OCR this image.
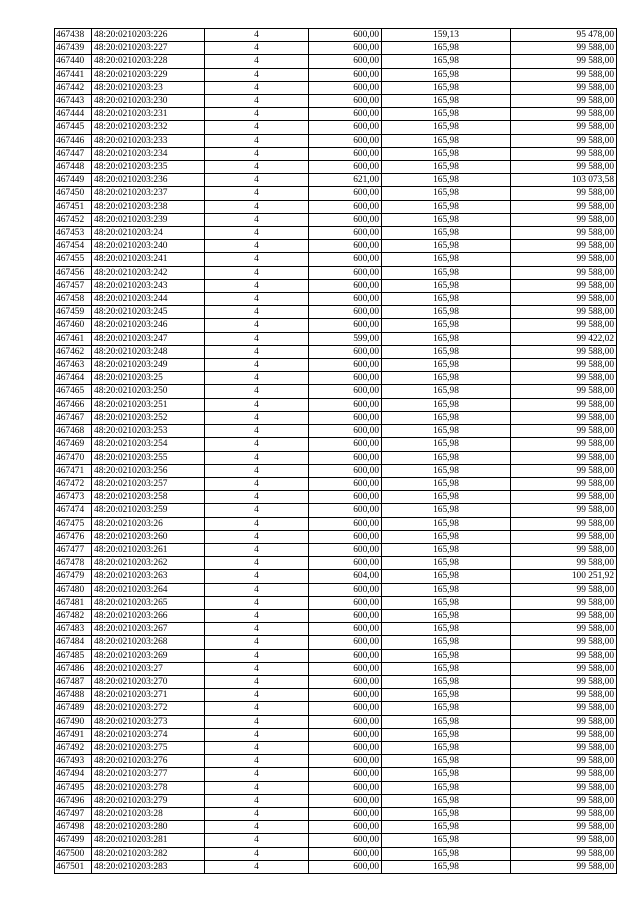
467438	48:20:0210203:226	4	600,00	159,13	95 478,00
467439	48:20:0210203:227	4	600,00	165,98	99 588,00
467440	48:20:0210203:228	4	600,00	165,98	99 588,00
467441	48:20:0210203:229	4	600,00	165,98	99 588,00
467442	48:20:0210203:23	4	600,00	165,98	99 588,00
467443	48:20:0210203:230	4	600,00	165,98	99 588,00
467444	48:20:0210203:231	4	600,00	165,98	99 588,00
467445	48:20:0210203:232	4	600,00	165,98	99 588,00
467446	48:20:0210203:233	4	600,00	165,98	99 588,00
467447	48:20:0210203:234	4	600,00	165,98	99 588,00
467448	48:20:0210203:235	4	600,00	165,98	99 588,00
467449	48:20:0210203:236	4	621,00	165,98	103 073,58
467450	48:20:0210203:237	4	600,00	165,98	99 588,00
467451	48:20:0210203:238	4	600,00	165,98	99 588,00
467452	48:20:0210203:239	4	600,00	165,98	99 588,00
467453	48:20:0210203:24	4	600,00	165,98	99 588,00
467454	48:20:0210203:240	4	600,00	165,98	99 588,00
467455	48:20:0210203:241	4	600,00	165,98	99 588,00
467456	48:20:0210203:242	4	600,00	165,98	99 588,00
467457	48:20:0210203:243	4	600,00	165,98	99 588,00
467458	48:20:0210203:244	4	600,00	165,98	99 588,00
467459	48:20:0210203:245	4	600,00	165,98	99 588,00
467460	48:20:0210203:246	4	600,00	165,98	99 588,00
467461	48:20:0210203:247	4	599,00	165,98	99 422,02
467462	48:20:0210203:248	4	600,00	165,98	99 588,00
467463	48:20:0210203:249	4	600,00	165,98	99 588,00
467464	48:20:0210203:25	4	600,00	165,98	99 588,00
467465	48:20:0210203:250	4	600,00	165,98	99 588,00
467466	48:20:0210203:251	4	600,00	165,98	99 588,00
467467	48:20:0210203:252	4	600,00	165,98	99 588,00
467468	48:20:0210203:253	4	600,00	165,98	99 588,00
467469	48:20:0210203:254	4	600,00	165,98	99 588,00
467470	48:20:0210203:255	4	600,00	165,98	99 588,00
467471	48:20:0210203:256	4	600,00	165,98	99 588,00
467472	48:20:0210203:257	4	600,00	165,98	99 588,00
467473	48:20:0210203:258	4	600,00	165,98	99 588,00
467474	48:20:0210203:259	4	600,00	165,98	99 588,00
467475	48:20:0210203:26	4	600,00	165,98	99 588,00
467476	48:20:0210203:260	4	600,00	165,98	99 588,00
467477	48:20:0210203:261	4	600,00	165,98	99 588,00
467478	48:20:0210203:262	4	600,00	165,98	99 588,00
467479	48:20:0210203:263	4	604,00	165,98	100 251,92
467480	48:20:0210203:264	4	600,00	165,98	99 588,00
467481	48:20:0210203:265	4	600,00	165,98	99 588,00
467482	48:20:0210203:266	4	600,00	165,98	99 588,00
467483	48:20:0210203:267	4	600,00	165,98	99 588,00
467484	48:20:0210203:268	4	600,00	165,98	99 588,00
467485	48:20:0210203:269	4	600,00	165,98	99 588,00
467486	48:20:0210203:27	4	600,00	165,98	99 588,00
467487	48:20:0210203:270	4	600,00	165,98	99 588,00
467488	48:20:0210203:271	4	600,00	165,98	99 588,00
467489	48:20:0210203:272	4	600,00	165,98	99 588,00
467490	48:20:0210203:273	4	600,00	165,98	99 588,00
467491	48:20:0210203:274	4	600,00	165,98	99 588,00
467492	48:20:0210203:275	4	600,00	165,98	99 588,00
467493	48:20:0210203:276	4	600,00	165,98	99 588,00
467494	48:20:0210203:277	4	600,00	165,98	99 588,00
467495	48:20:0210203:278	4	600,00	165,98	99 588,00
467496	48:20:0210203:279	4	600,00	165,98	99 588,00
467497	48:20:0210203:28	4	600,00	165,98	99 588,00
467498	48:20:0210203:280	4	600,00	165,98	99 588,00
467499	48:20:0210203:281	4	600,00	165,98	99 588,00
467500	48:20:0210203:282	4	600,00	165,98	99 588,00
467501	48:20:0210203:283	4	600,00	165,98	99 588,00
